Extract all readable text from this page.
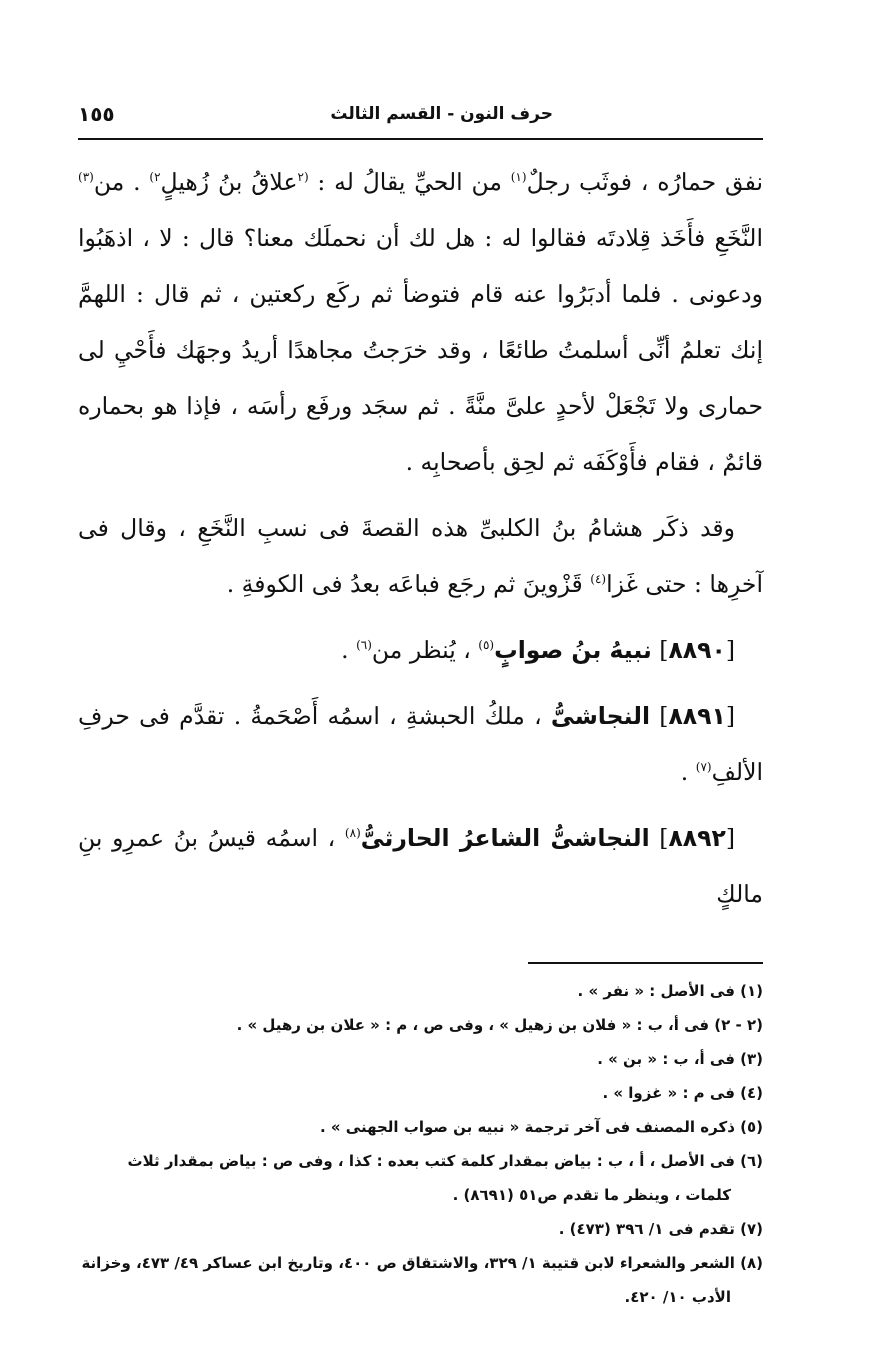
حرف النون - القسم الثالث
١٥٥

نفق حمارُه ، فوثَب رجلٌ$^{(١)}$ من الحيِّ يقالُ له : $^{(٢}$علاقُ بنُ زُهيلٍ$^{٢)}$ . من$^{(٣)}$ النَّخَعِ فأَخَذ قِلادتَه فقالوا له : هل لك أن نحملَك معنا؟ قال : لا ، اذهَبُوا ودعونى . فلما أدبَرُوا عنه قام فتوضأ ثم ركَع ركعتين ، ثم قال : اللهمَّ إنك تعلمُ أنِّى أسلمتُ طائعًا ، وقد خرَجتُ مجاهدًا أريدُ وجهَك فأَحْيِ لى حمارى ولا تَجْعَلْ لأحدٍ علىَّ منَّةً . ثم سجَد ورفَع رأسَه ، فإذا هو بحماره قائمٌ ، فقام فأَوْكَفَه ثم لحِق بأصحابِه .

وقد ذكَر هشامُ بنُ الكلبىِّ هذه القصةَ فى نسبِ النَّخَعِ ، وقال فى آخرِها : حتى غَزا$^{(٤)}$ قَزْوينَ ثم رجَع فباعَه بعدُ فى الكوفةِ .

[٨٨٩٠] نبيهُ بنُ صوابٍ$^{(٥)}$ ، يُنظر من$^{(٦)}$ .

[٨٨٩١] النجاشىُّ ، ملكُ الحبشةِ ، اسمُه أَصْحَمةُ . تقدَّم فى حرفِ الألفِ$^{(٧)}$ .

[٨٨٩٢] النجاشىُّ الشاعرُ الحارثىُّ$^{(٨)}$ ، اسمُه قيسُ بنُ عمرِو بنِ مالكٍ

(١) فى الأصل : « نفر » .

(٢ - ٢) فى أ، ب : « فلان بن زهيل » ، وفى ص ، م : « علان بن رهيل » .

(٣) فى أ، ب : « بن » .

(٤) فى م : « غزوا » .

(٥) ذكره المصنف فى آخر ترجمة « نبيه بن صواب الجهنى » .

(٦) فى الأصل ، أ ، ب : بياض بمقدار كلمة كتب بعده : كذا ، وفى ص : بياض بمقدار ثلاث كلمات ، وينظر ما تقدم ص٥١ (٨٦٩١) .

(٧) تقدم فى ١/ ٣٩٦ (٤٧٣) .

(٨) الشعر والشعراء لابن قتيبة ١/ ٣٢٩، والاشتقاق ص ٤٠٠، وتاريخ ابن عساكر ٤٩/ ٤٧٣، وخزانة الأدب ١٠/ ٤٢٠.
